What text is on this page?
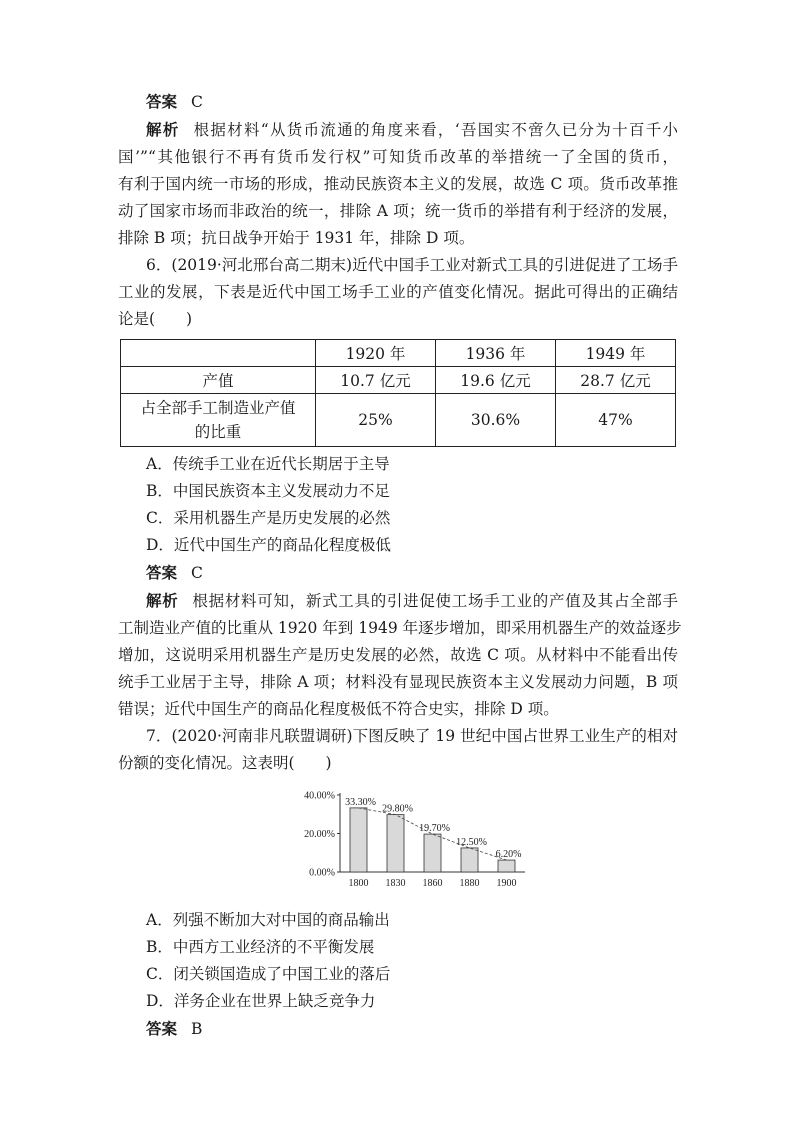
答案 C
解析 根据材料“从货币流通的角度来看，‘吾国实不啻久已分为十百千小
国’”“其他银行不再有货币发行权”可知货币改革的举措统一了全国的货币，
有利于国内统一市场的形成，推动民族资本主义的发展，故选 C 项。货币改革推
动了国家市场而非政治的统一，排除 A 项；统一货币的举措有利于经济的发展，
排除 B 项；抗日战争开始于 1931 年，排除 D 项。
6．(2019·河北邢台高二期末)近代中国手工业对新式工具的引进促进了工场手
工业的发展，下表是近代中国工场手工业的产值变化情况。据此可得出的正确结
论是(　　)
	1920 年	1936 年	1949 年
产值	10.7 亿元	19.6 亿元	28.7 亿元

占全部手工制造业产值
的比重	25%	30.6%	47%
A．传统手工业在近代长期居于主导
B．中国民族资本主义发展动力不足
C．采用机器生产是历史发展的必然
D．近代中国生产的商品化程度极低
答案 C
解析 根据材料可知，新式工具的引进促使工场手工业的产值及其占全部手
工制造业产值的比重从 1920 年到 1949 年逐步增加，即采用机器生产的效益逐步
增加，这说明采用机器生产是历史发展的必然，故选 C 项。从材料中不能看出传
统手工业居于主导，排除 A 项；材料没有显现民族资本主义发展动力问题，B 项
错误；近代中国生产的商品化程度极低不符合史实，排除 D 项。
7．(2020·河南非凡联盟调研)下图反映了 19 世纪中国占世界工业生产的相对
份额的变化情况。这表明(　　)
0.00%
20.00%
40.00%
33.30%
1800
29.80%
1830
19.70%
1860
12.50%
1880
6.20%
1900
A．列强不断加大对中国的商品输出
B．中西方工业经济的不平衡发展
C．闭关锁国造成了中国工业的落后
D．洋务企业在世界上缺乏竞争力
答案 B
